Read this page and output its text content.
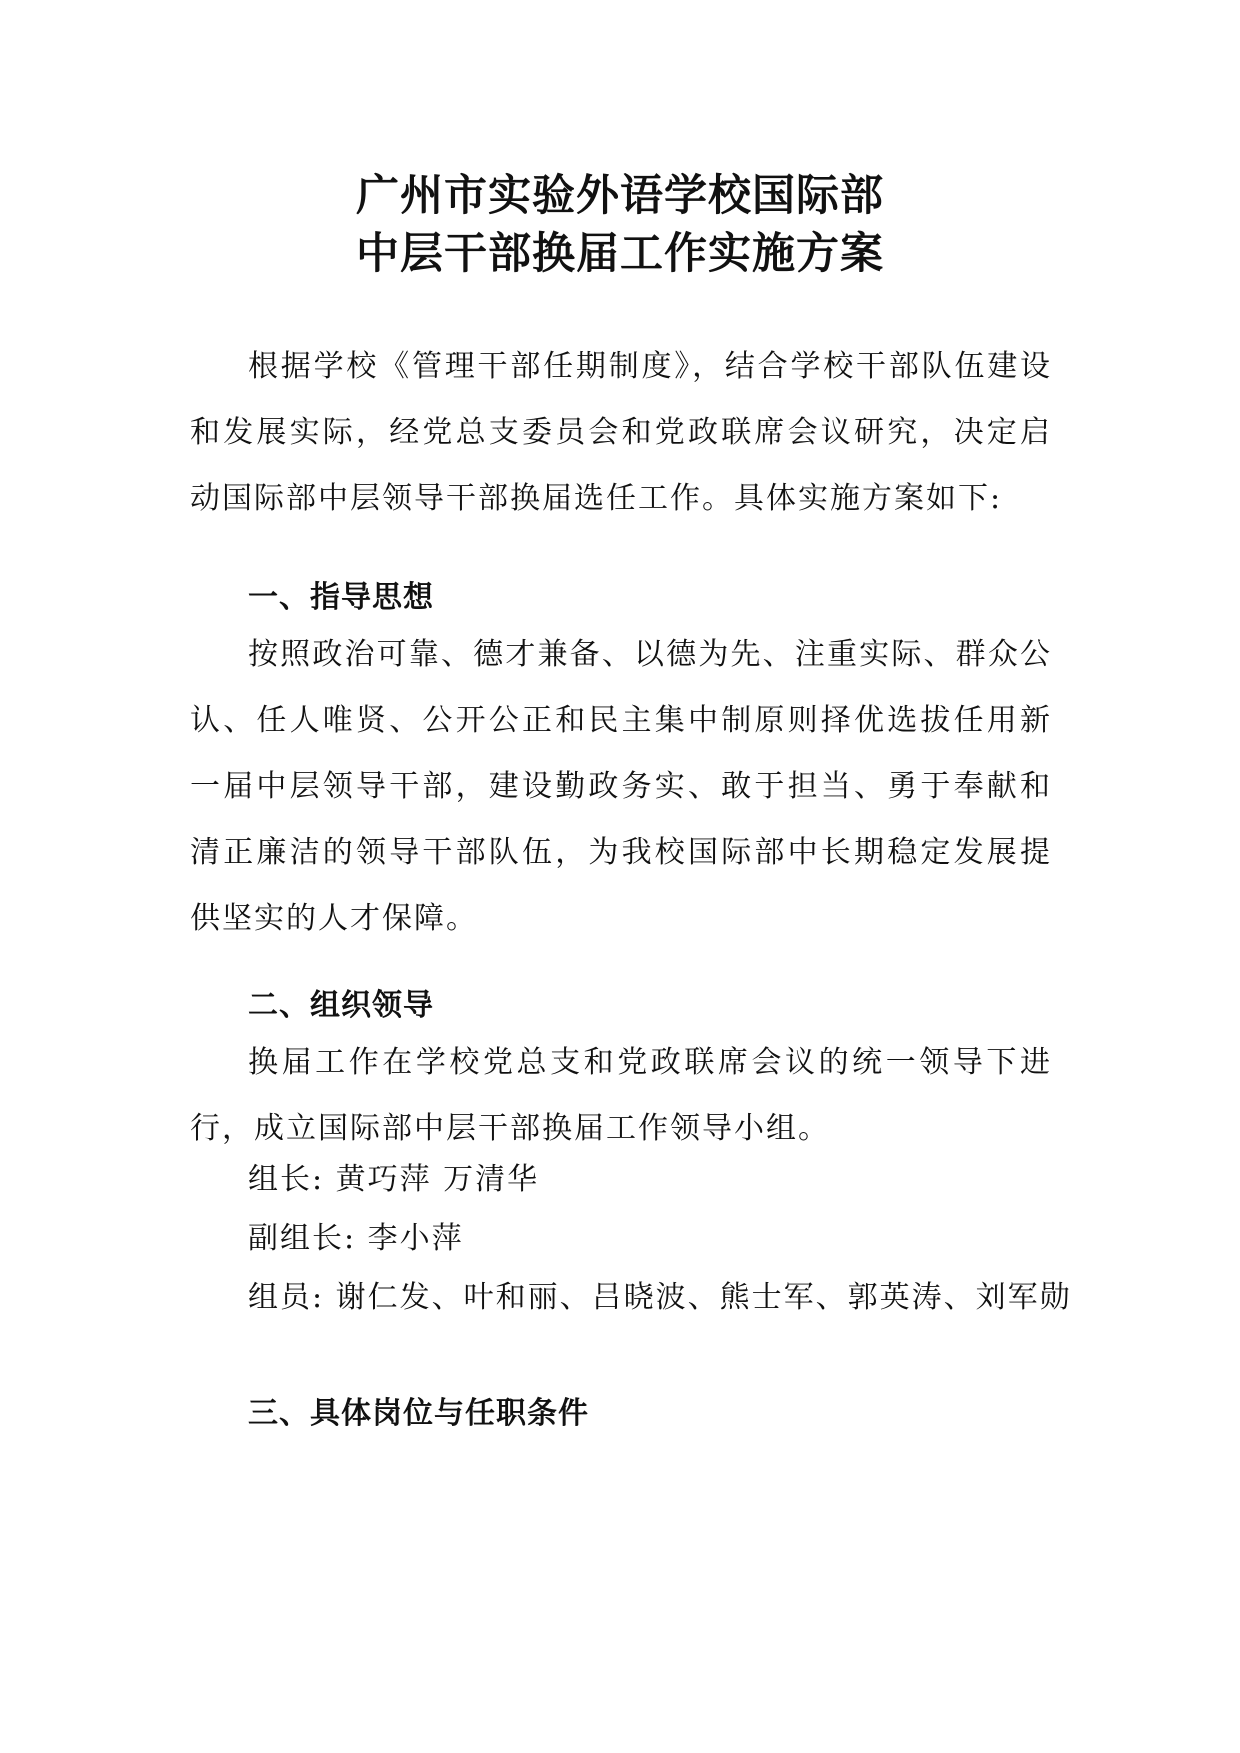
广州市实验外语学校国际部
中层干部换届工作实施方案

根据学校《管理干部任期制度》，结合学校干部队伍建设和发展实际，经党总支委员会和党政联席会议研究，决定启动国际部中层领导干部换届选任工作。具体实施方案如下:

一、指导思想

按照政治可靠、德才兼备、以德为先、注重实际、群众公认、任人唯贤、公开公正和民主集中制原则择优选拔任用新一届中层领导干部，建设勤政务实、敢于担当、勇于奉献和清正廉洁的领导干部队伍，为我校国际部中长期稳定发展提供坚实的人才保障。

二、组织领导

换届工作在学校党总支和党政联席会议的统一领导下进行，成立国际部中层干部换届工作领导小组。

组长: 黄巧萍 万清华

副组长: 李小萍

组员: 谢仁发、叶和丽、吕晓波、熊士军、郭英涛、刘军勋

三、具体岗位与任职条件
